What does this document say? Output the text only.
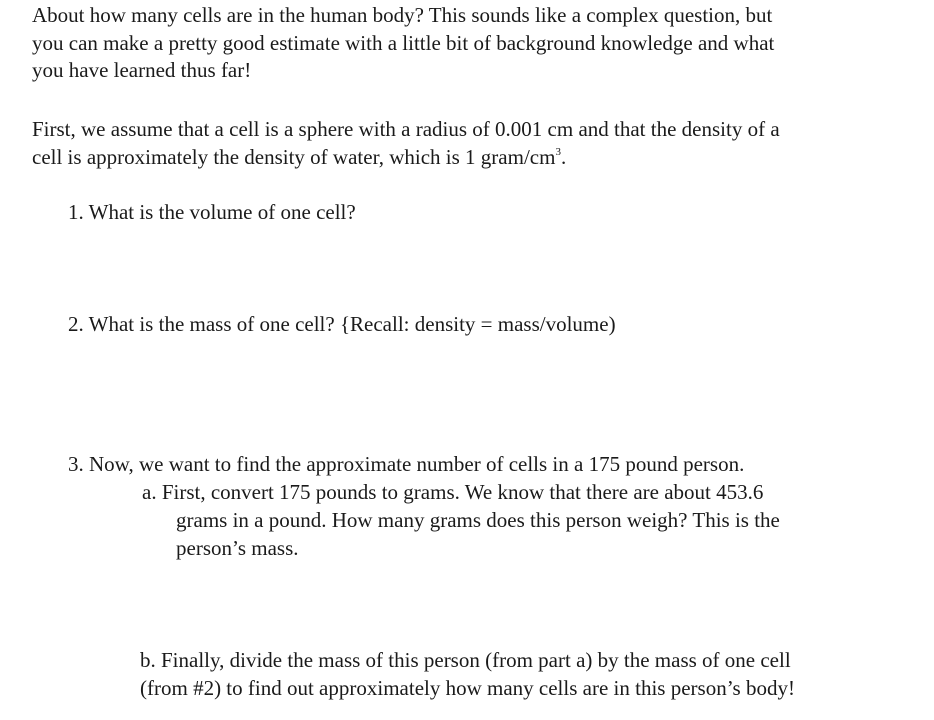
About how many cells are in the human body? This sounds like a complex question, but
you can make a pretty good estimate with a little bit of background knowledge and what
you have learned thus far!

First, we assume that a cell is a sphere with a radius of 0.001 cm and that the density of a
cell is approximately the density of water, which is 1 gram/$cm^3$.

1. What is the volume of one cell?

2. What is the mass of one cell? {Recall: density = mass/volume)

3. Now, we want to find the approximate number of cells in a 175 pound person.

a. First, convert 175 pounds to grams. We know that there are about 453.6

grams in a pound. How many grams does this person weigh? This is the

person’s mass.

b. Finally, divide the mass of this person (from part a) by the mass of one cell

(from #2) to find out approximately how many cells are in this person’s body!
